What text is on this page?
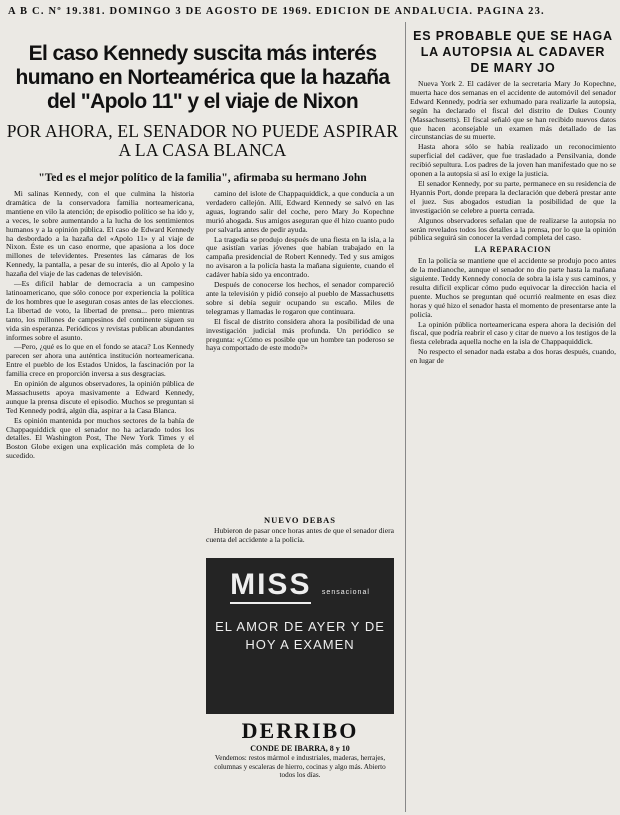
A B C. Nº 19.381. DOMINGO 3 DE AGOSTO DE 1969. EDICION DE ANDALUCIA. PAGINA 23.
El caso Kennedy suscita más interés humano en Norteamérica que la hazaña del "Apolo 11" y el viaje de Nixon
POR AHORA, EL SENADOR NO PUEDE ASPIRAR A LA CASA BLANCA
"Ted es el mejor político de la familia", afirmaba su hermano John

Mi salinas Kennedy, con el que culmina la historia dramática de la conservadora familia norteamericana, mantiene en vilo la atención; de episodio político se ha ido y, a veces, le sobre aumentando a la lucha de los sentimientos humanos y a la opinión pública. El caso de Edward Kennedy ha desbordado a la hazaña del «Apolo 11» y al viaje de Nixon. Éste es un caso enorme, que apasiona a los doce millones de televidentes. Presentes las cámaras de los Kennedy, la pantalla, a pesar de su interés, dio al Apolo y la hazaña del viaje de las cadenas de televisión.

—Es difícil hablar de democracia a un campesino latinoamericano, que sólo conoce por experiencia la política de los hombres que le aseguran cosas antes de las elecciones. La libertad de voto, la libertad de prensa... pero mientras tanto, los millones de campesinos del continente siguen su vida sin esperanza. Periódicos y revistas publican abundantes informes sobre el asunto.

—Pero, ¿qué es lo que en el fondo se ataca? Los Kennedy parecen ser ahora una auténtica institución norteamericana. Entre el pueblo de los Estados Unidos, la fascinación por la familia crece en proporción inversa a sus desgracias.

En opinión de algunos observadores, la opinión pública de Massachusetts apoya masivamente a Edward Kennedy, aunque la prensa discute el episodio. Muchos se preguntan si Ted Kennedy podrá, algún día, aspirar a la Casa Blanca.

Es opinión mantenida por muchos sectores de la bahía de Chappaquiddick que el senador no ha aclarado todos los detalles. El Washington Post, The New York Times y el Boston Globe exigen una explicación más completa de lo sucedido.

camino del islote de Chappaquiddick, a que conducía a un verdadero callejón. Allí, Edward Kennedy se salvó en las aguas, logrando salir del coche, pero Mary Jo Kopechne murió ahogada. Sus amigos aseguran que él hizo cuanto pudo por salvarla antes de pedir ayuda.

La tragedia se produjo después de una fiesta en la isla, a la que asistían varias jóvenes que habían trabajado en la campaña presidencial de Robert Kennedy. Ted y sus amigos no avisaron a la policía hasta la mañana siguiente, cuando el cadáver había sido ya encontrado.

Después de conocerse los hechos, el senador compareció ante la televisión y pidió consejo al pueblo de Massachusetts sobre si debía seguir ocupando su escaño. Miles de telegramas y llamadas le rogaron que continuara.

El fiscal de distrito considera ahora la posibilidad de una investigación judicial más profunda. Un periódico se pregunta: «¿Cómo es posible que un hombre tan poderoso se haya comportado de este modo?»

NUEVO DEBAS

Hubieron de pasar once horas antes de que el senador diera cuenta del accidente a la policía.

MISS sensacional
EL AMOR DE AYER Y DE
HOY A EXAMEN
DERRIBO
CONDE DE IBARRA, 8 y 10
Vendemos: restos mármol e industriales, maderas, herrajes, columnas y escaleras de hierro, cocinas y algo más. Abierto todos los días.
ES PROBABLE QUE SE HAGA LA AUTOPSIA AL CADAVER DE MARY JO

Nueva York 2. El cadáver de la secretaria Mary Jo Kopechne, muerta hace dos semanas en el accidente de automóvil del senador Edward Kennedy, podría ser exhumado para realizarle la autopsia, según ha declarado el fiscal del distrito de Dukes County (Massachusetts). El fiscal señaló que se han recibido nuevos datos que hacen aconsejable un examen más detallado de las circunstancias de su muerte.

Hasta ahora sólo se había realizado un reconocimiento superficial del cadáver, que fue trasladado a Pensilvania, donde recibió sepultura. Los padres de la joven han manifestado que no se oponen a la autopsia si así lo exige la justicia.

El senador Kennedy, por su parte, permanece en su residencia de Hyannis Port, donde prepara la declaración que deberá prestar ante el juez. Sus abogados estudian la posibilidad de que la investigación se celebre a puerta cerrada.

Algunos observadores señalan que de realizarse la autopsia no serán revelados todos los detalles a la prensa, por lo que la opinión pública seguirá sin conocer la verdad completa del caso.

LA REPARACION

En la policía se mantiene que el accidente se produjo poco antes de la medianoche, aunque el senador no dio parte hasta la mañana siguiente. Teddy Kennedy conocía de sobra la isla y sus caminos, y resulta difícil explicar cómo pudo equivocar la dirección hacia el puente. Muchos se preguntan qué ocurrió realmente en esas diez horas y qué hizo el senador hasta el momento de presentarse ante la policía.

La opinión pública norteamericana espera ahora la decisión del fiscal, que podría reabrir el caso y citar de nuevo a los testigos de la fiesta celebrada aquella noche en la isla de Chappaquiddick.

No respecto el senador nada estaba a dos horas después, cuando, en lugar de
